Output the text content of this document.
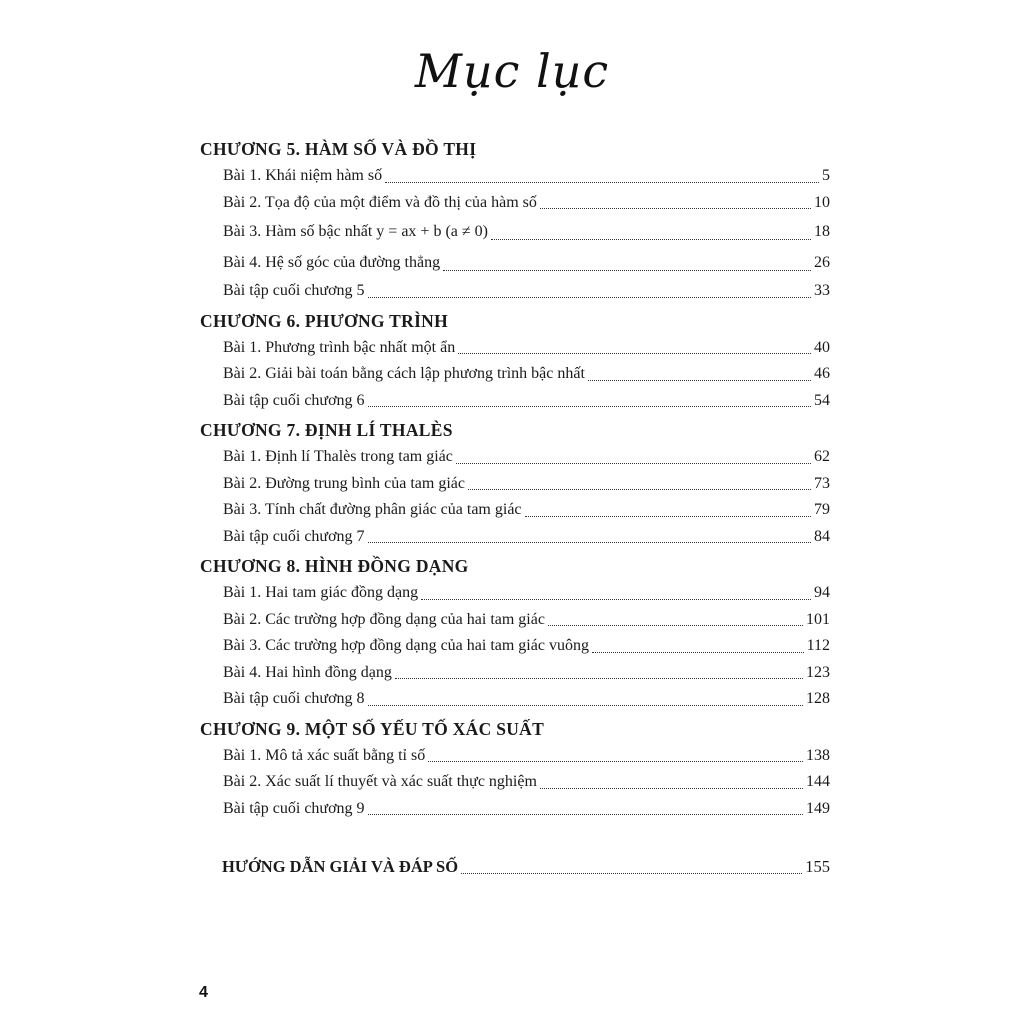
Mục lục
CHƯƠNG 5. HÀM SỐ VÀ ĐỒ THỊ
Bài 1. Khái niệm hàm số	5
Bài 2. Tọa độ của một điểm và đồ thị của hàm số	10
Bài 3. Hàm số bậc nhất y = ax + b (a ≠ 0)	18
Bài 4. Hệ số góc của đường thẳng	26
Bài tập cuối chương 5	33
CHƯƠNG 6. PHƯƠNG TRÌNH
Bài 1. Phương trình bậc nhất một ẩn	40
Bài 2. Giải bài toán bằng cách lập phương trình bậc nhất	46
Bài tập cuối chương 6	54
CHƯƠNG 7. ĐỊNH LÍ THALÈS
Bài 1. Định lí Thalès trong tam giác	62
Bài 2. Đường trung bình của tam giác	73
Bài 3. Tính chất đường phân giác của tam giác	79
Bài tập cuối chương 7	84
CHƯƠNG 8. HÌNH ĐỒNG DẠNG
Bài 1. Hai tam giác đồng dạng	94
Bài 2. Các trường hợp đồng dạng của hai tam giác	101
Bài 3. Các trường hợp đồng dạng của hai tam giác vuông	112
Bài 4. Hai hình đồng dạng	123
Bài tập cuối chương 8	128
CHƯƠNG 9. MỘT SỐ YẾU TỐ XÁC SUẤT
Bài 1. Mô tả xác suất bằng tỉ số	138
Bài 2. Xác suất lí thuyết và xác suất thực nghiệm	144
Bài tập cuối chương 9	149
HƯỚNG DẪN GIẢI VÀ ĐÁP SỐ	155
4
